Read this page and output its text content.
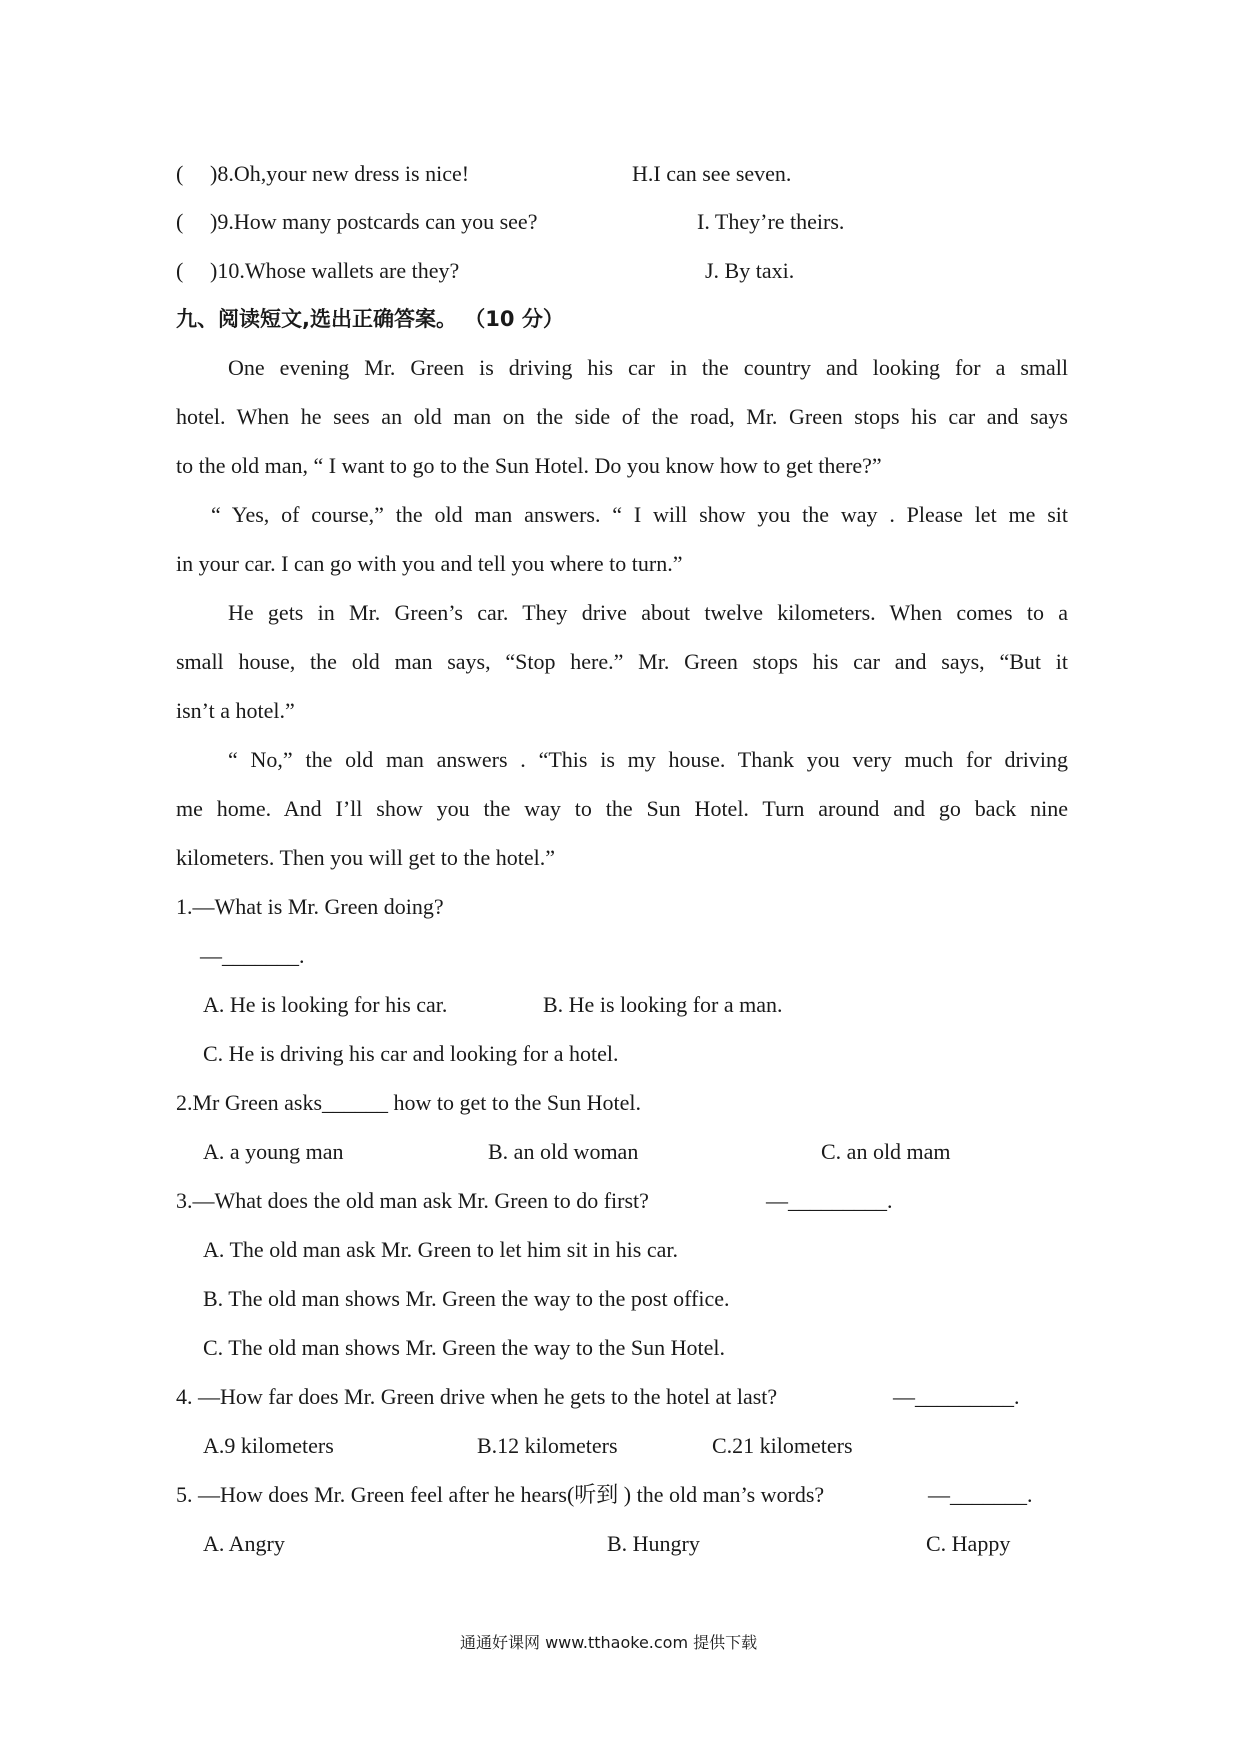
( )8.Oh,your new dress is nice!	H.I can see seven.
( )9.How many postcards can you see?	I. They’re theirs.
( )10.Whose wallets are they?	J. By taxi.
九、阅读短文,选出正确答案。 （10 分）
One evening Mr. Green is driving his car in the country and looking for a small
hotel. When he sees an old man on the side of the road, Mr. Green stops his car and says
to the old man, “ I want to go to the Sun Hotel. Do you know how to get there?”
“ Yes, of course,” the old man answers. “ I will show you the way . Please let me sit
in your car. I can go with you and tell you where to turn.”
He gets in Mr. Green’s car. They drive about twelve kilometers. When comes to a
small house, the old man says, “Stop here.” Mr. Green stops his car and says, “But it
isn’t a hotel.”
“ No,” the old man answers . “This is my house. Thank you very much for driving
me home. And I’ll show you the way to the Sun Hotel. Turn around and go back nine
kilometers. Then you will get to the hotel.”
1.—What is Mr. Green doing?
—_______.
A. He is looking for his car.	B. He is looking for a man.
C. He is driving his car and looking for a hotel.
2.Mr Green asks______ how to get to the Sun Hotel.
A. a young man	B. an old woman	C. an old mam
3.—What does the old man ask Mr. Green to do first?	—_________.
A. The old man ask Mr. Green to let him sit in his car.
B. The old man shows Mr. Green the way to the post office.
C. The old man shows Mr. Green the way to the Sun Hotel.
4. —How far does Mr. Green drive when he gets to the hotel at last?	—_________.
A.9 kilometers	B.12 kilometers	C.21 kilometers
5. —How does Mr. Green feel after he hears(听到 ) the old man’s words?	—_______.
A. Angry	B. Hungry	C. Happy
通通好课网 www.tthaoke.com 提供下载
